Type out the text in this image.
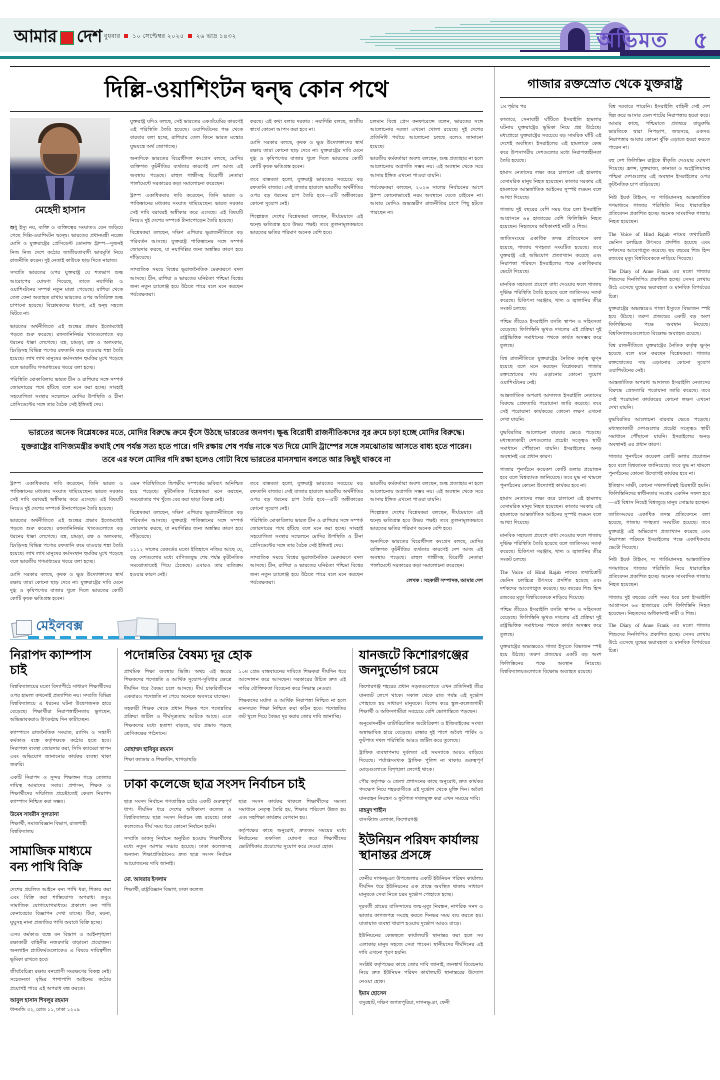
আমার দেশ বুধবার ১০ সেপ্টেম্বর ২০২৫ ২৬ ভাদ্র ১৪৩২	অভিমত ৫
দিল্লি-ওয়াশিংটন দ্বন্দ্ব কোন পথে
মেহেদী হাসান

শুধু ইস্যু নয়, ব্যক্তি ও ব্যক্তিত্বের সংঘাতও যেন জড়িয়ে গেছে দিল্লি-ওয়াশিংটন দ্বন্দ্বে। ভারতের প্রধানমন্ত্রী নরেন্দ্র মোদি ও যুক্তরাষ্ট্রের প্রেসিডেন্ট ডোনাল্ড ট্রাম্প—দুজনই নিজ নিজ দেশে কঠোর জাতীয়তাবাদী ভাবমূর্তি নিয়ে রাজনীতি করেন। দুই নেতাই কাউকে ছাড় দিতে নারাজ।

সম্প্রতি ভারতের ওপর যুক্তরাষ্ট্র যে শতভাগ শুল্ক আরোপের ঘোষণা দিয়েছে, তাতে নয়াদিল্লি ও ওয়াশিংটনের সম্পর্ক নতুন মাত্রা পেয়েছে। রাশিয়া থেকে তেল কেনা অব্যাহত রাখায় ভারতের ওপর অতিরিক্ত শুল্ক চাপানো হয়েছে। বিশ্লেষকদের ধারণা, এই দ্বন্দ্ব সহজে মিটবে না।

ভারতের অর্থনীতিতে এই শুল্কের প্রভাব ইতোমধ্যেই পড়তে শুরু করেছে। রফতানিনির্ভর খাতগুলোতে বড় ধরনের ধাক্কা লেগেছে। বস্ত্র, চামড়া, রত্ন ও অলংকার, চিংড়িসহ বিভিন্ন পণ্যের রফতানি কমে যাওয়ার শঙ্কা তৈরি হয়েছে। লাখ লাখ মানুষের কর্মসংস্থান হুমকির মুখে পড়েছে বলে ভারতীয় গণমাধ্যমের খবরে বলা হচ্ছে।

পরিস্থিতি মোকাবিলায় ভারত চীন ও রাশিয়ার সঙ্গে সম্পর্ক জোরদারের পথে হাঁটছে বলে মনে করা হচ্ছে। সাংহাই সহযোগিতা সংস্থার সম্মেলনে মোদির উপস্থিতি ও চীনা প্রেসিডেন্টের সঙ্গে তার বৈঠক সেই ইঙ্গিতই দেয়।

যুক্তরাষ্ট্র যদিও বলছে, সেই ভারতের একগুঁয়েমির কারণেই এই পরিস্থিতি তৈরি হয়েছে। ওয়াশিংটনের পক্ষ থেকে বারবার বলা হচ্ছে, রাশিয়ার তেল কিনে ভারত মস্কোর যুদ্ধযন্ত্রে অর্থ জোগাচ্ছে।

অন্যদিকে ভারতের বিরোধীদল কংগ্রেস বলছে, মোদির ব্যক্তিগত কূটনীতির ব্যর্থতার কারণেই দেশ আজ এই অবস্থায় পড়েছে। রাহুল গান্ধীসহ বিরোধী নেতারা পার্লামেন্টে সরকারের কড়া সমালোচনা করেছেন।

ট্রাম্প একাধিকবার দাবি করেছেন, তিনি ভারত ও পাকিস্তানের মধ্যকার সংঘাত থামিয়েছেন। ভারত সরকার সেই দাবি বরাবরই অস্বীকার করে এসেছে। এই বিষয়টি নিয়েও দুই দেশের সম্পর্কে টানাপোড়েন তৈরি হয়েছে।

বিশ্লেষকরা বলছেন, দক্ষিণ এশিয়ার ভূরাজনীতিতে বড় পরিবর্তন আসছে। যুক্তরাষ্ট্র পাকিস্তানের সঙ্গে সম্পর্ক জোরদার করছে, যা নয়াদিল্লির জন্য অস্বস্তির কারণ হয়ে দাঁড়িয়েছে।

সাম্প্রতিক সময়ে বিশ্বের ভূরাজনৈতিক মেরুকরণে বদল আসছে। চীন, রাশিয়া ও ভারতের ঘনিষ্ঠতা পশ্চিমা বিশ্বের জন্য নতুন চ্যালেঞ্জ হয়ে উঠতে পারে বলে মনে করছেন পর্যবেক্ষকরা।

করছে। এই কথা বলার দরকার : নয়াদিল্লি বলছে, জাতীয় স্বার্থে কোনো আপস করা হবে না।

মোদি সরকার বলছে, কৃষক ও ক্ষুদ্র উদ্যোক্তাদের স্বার্থ রক্ষায় তারা কোনো ছাড় দেবে না। যুক্তরাষ্ট্রের দাবি মেনে দুগ্ধ ও কৃষিপণ্যের বাজার খুলে দিলে ভারতের কোটি কোটি কৃষক ক্ষতিগ্রস্ত হবেন।

তবে বাস্তবতা হলো, যুক্তরাষ্ট্র ভারতের সবচেয়ে বড় রফতানি বাজার। সেই বাজার হারালে ভারতীয় অর্থনীতির ওপর বড় ধরনের চাপ তৈরি হবে—এটি অস্বীকারের কোনো সুযোগ নেই।

শিল্পোন্নত দেশের বিশ্লেষকরা বলছেন, দীর্ঘমেয়াদে এই দ্বন্দ্বে ক্ষতিগ্রস্ত হবে উভয় পক্ষই। তবে তুলনামূলকভাবে ভারতের ক্ষতির পরিমাণ অনেক বেশি হবে।

চলমান বিশ্বে প্রেস কনফারেন্সে বলেন, ভারতের সঙ্গে আলোচনার দরজা এখনো খোলা রয়েছে। দুই দেশের প্রতিনিধি পর্যায়ে আলোচনা চলছে বলেও জানানো হয়েছে।

ভারতীয় কর্মকর্তারা অবশ্য বলছেন, শুল্ক প্রত্যাহার না হলে আলোচনায় অগ্রগতি সম্ভব নয়। এই অবস্থান থেকে সরে আসার ইঙ্গিত এখনো পাওয়া যায়নি।

পর্যবেক্ষকরা বলছেন, ২০২৬ সালের নির্বাচনের আগে ট্রাম্প কোনোভাবেই নরম অবস্থানে যেতে চাইবেন না। আবার মোদিও অভ্যন্তরীণ রাজনীতির চাপে পিছু হটতে পারছেন না।

ভারতের অনেক বিশ্লেষকের মতে, মোদির বিরুদ্ধে ক্রমে ফুঁসে উঠছে ভারতের জনগণ। ক্ষুব্ধ বিরোধী রাজনীতিকদের সুর ক্রমে চড়া হচ্ছে মোদির বিরুদ্ধে। যুক্তরাষ্ট্রের বাণিজ্যমন্ত্রীর কথাই শেষ পর্যন্ত সত্য হতে পারে। গদি রক্ষায় শেষ পর্যন্ত নাকে খত দিয়ে মোদি ট্রাম্পের সঙ্গে সমঝোতায় আসতে বাধ্য হতে পারেন। তবে এর ফলে মোদির গদি রক্ষা হলেও গোটা বিশ্বে ভারতের মানসম্মান বলতে আর কিছুই থাকবে না

ট্রাম্প একাধিকবার দাবি করেছেন, তিনি ভারত ও পাকিস্তানের মধ্যকার সংঘাত থামিয়েছেন। ভারত সরকার সেই দাবি বরাবরই অস্বীকার করে এসেছে। এই বিষয়টি নিয়েও দুই দেশের সম্পর্কে টানাপোড়েন তৈরি হয়েছে।

ভারতের অর্থনীতিতে এই শুল্কের প্রভাব ইতোমধ্যেই পড়তে শুরু করেছে। রফতানিনির্ভর খাতগুলোতে বড় ধরনের ধাক্কা লেগেছে। বস্ত্র, চামড়া, রত্ন ও অলংকার, চিংড়িসহ বিভিন্ন পণ্যের রফতানি কমে যাওয়ার শঙ্কা তৈরি হয়েছে। লাখ লাখ মানুষের কর্মসংস্থান হুমকির মুখে পড়েছে বলে ভারতীয় গণমাধ্যমের খবরে বলা হচ্ছে।

মোদি সরকার বলছে, কৃষক ও ক্ষুদ্র উদ্যোক্তাদের স্বার্থ রক্ষায় তারা কোনো ছাড় দেবে না। যুক্তরাষ্ট্রের দাবি মেনে দুগ্ধ ও কৃষিপণ্যের বাজার খুলে দিলে ভারতের কোটি কোটি কৃষক ক্ষতিগ্রস্ত হবেন।

এমন পরিস্থিতিতে দ্বিপক্ষীয় সম্পর্কের ভবিষ্যৎ অনিশ্চিত হয়ে পড়েছে। কূটনৈতিক বিশ্লেষকরা মনে করছেন, সমঝোতার পথ খুঁজে বের করা ছাড়া বিকল্প নেই।

বিশ্লেষকরা বলছেন, দক্ষিণ এশিয়ার ভূরাজনীতিতে বড় পরিবর্তন আসছে। যুক্তরাষ্ট্র পাকিস্তানের সঙ্গে সম্পর্ক জোরদার করছে, যা নয়াদিল্লির জন্য অস্বস্তির কারণ হয়ে দাঁড়িয়েছে।

১১১২ সালের রেকর্ডের মতো ইতিহাসে নজির আছে যে, বড় দেশগুলোর মধ্যে বাণিজ্যযুদ্ধ শেষ পর্যন্ত কূটনৈতিক সমঝোতাতেই গিয়ে ঠেকেছে। এবারও তার ব্যতিক্রম হওয়ার কারণ নেই।

তবে বাস্তবতা হলো, যুক্তরাষ্ট্র ভারতের সবচেয়ে বড় রফতানি বাজার। সেই বাজার হারালে ভারতীয় অর্থনীতির ওপর বড় ধরনের চাপ তৈরি হবে—এটি অস্বীকারের কোনো সুযোগ নেই।

পরিস্থিতি মোকাবিলায় ভারত চীন ও রাশিয়ার সঙ্গে সম্পর্ক জোরদারের পথে হাঁটছে বলে মনে করা হচ্ছে। সাংহাই সহযোগিতা সংস্থার সম্মেলনে মোদির উপস্থিতি ও চীনা প্রেসিডেন্টের সঙ্গে তার বৈঠক সেই ইঙ্গিতই দেয়।

সাম্প্রতিক সময়ে বিশ্বের ভূরাজনৈতিক মেরুকরণে বদল আসছে। চীন, রাশিয়া ও ভারতের ঘনিষ্ঠতা পশ্চিমা বিশ্বের জন্য নতুন চ্যালেঞ্জ হয়ে উঠতে পারে বলে মনে করছেন পর্যবেক্ষকরা।

ভারতীয় কর্মকর্তারা অবশ্য বলছেন, শুল্ক প্রত্যাহার না হলে আলোচনায় অগ্রগতি সম্ভব নয়। এই অবস্থান থেকে সরে আসার ইঙ্গিত এখনো পাওয়া যায়নি।

শিল্পোন্নত দেশের বিশ্লেষকরা বলছেন, দীর্ঘমেয়াদে এই দ্বন্দ্বে ক্ষতিগ্রস্ত হবে উভয় পক্ষই। তবে তুলনামূলকভাবে ভারতের ক্ষতির পরিমাণ অনেক বেশি হবে।

অন্যদিকে ভারতের বিরোধীদল কংগ্রেস বলছে, মোদির ব্যক্তিগত কূটনীতির ব্যর্থতার কারণেই দেশ আজ এই অবস্থায় পড়েছে। রাহুল গান্ধীসহ বিরোধী নেতারা পার্লামেন্টে সরকারের কড়া সমালোচনা করেছেন।

লেখক : সহকারী সম্পাদক, আমার দেশ
মেইলবক্স
নিরাপদ ক্যাম্পাস চাই

বিশ্ববিদ্যালয়ের মতো বিদ্যাপীঠে সাধারণ শিক্ষার্থীদের ওপর হামলা কখনোই প্রত্যাশিত নয়। সম্প্রতি বিভিন্ন বিশ্ববিদ্যালয়ে এ ধরনের ঘটনা উদ্বেগজনক হারে বেড়েছে। শিক্ষার্থীরা নিরাপত্তাহীনতায় ভুগছেন, অভিভাবকরাও উৎকণ্ঠায় দিন কাটাচ্ছেন।

ক্যাম্পাসে রাজনৈতিক সংঘাত, র‍্যাগিং ও সন্ত্রাসী কর্মকাণ্ড বন্ধে কর্তৃপক্ষকে কঠোর হতে হবে। নিরাপত্তা ব্যবস্থা জোরদার করা, সিসি ক্যামেরা স্থাপন এবং অভিযোগ জানানোর কার্যকর ব্যবস্থা থাকা জরুরি।

একটি নিরাপদ ও সুন্দর শিক্ষাঙ্গন গড়ে তোলার দায়িত্ব আমাদের সবার। প্রশাসন, শিক্ষক ও শিক্ষার্থীদের সম্মিলিত প্রচেষ্টাতেই কেবল নিরাপদ ক্যাম্পাস নিশ্চিত করা সম্ভব।

উমেষ সাবরীন সুলতানা
শিক্ষার্থী, সমাজবিজ্ঞান বিভাগ, রাজশাহী বিশ্ববিদ্যালয়
সামাজিক মাধ্যমে বন্য পাখি বিক্রি

দেশের প্রচলিত আইনে বন্য পাখি ধরা, শিকার করা এবং বিক্রি করা শাস্তিযোগ্য অপরাধ। তবুও সামাজিক যোগাযোগমাধ্যমে প্রকাশ্যে বন্য পাখি কেনাবেচার বিজ্ঞাপন দেখা যাচ্ছে। টিয়া, ময়না, ঘুঘুসহ নানা প্রজাতির পাখি অবাধে বিক্রি হচ্ছে।

এসব কর্মকাণ্ড বন্ধে বন বিভাগ ও আইনশৃঙ্খলা রক্ষাকারী বাহিনীর নজরদারি বাড়ানো প্রয়োজন। অনলাইন প্ল্যাটফর্মগুলোকেও এ বিষয়ে দায়িত্বশীল ভূমিকা রাখতে হবে।

জীববৈচিত্র্য রক্ষায় বন্যপ্রাণী সংরক্ষণের বিকল্প নেই। সচেতনতা বৃদ্ধির পাশাপাশি আইনের কঠোর প্রয়োগই পারে এই অপরাধ বন্ধ করতে।

আবুল হাসান শিবলুর রহমান
ধানমন্ডি ৩২, রোড ১১, ঢাকা ১২০৯
পদোন্নতির বৈষম্য দূর হোক

প্রাথমিক শিক্ষা ব্যবস্থার ভিত্তি। অথচ এই স্তরের শিক্ষকদের পদোন্নতি ও আর্থিক সুযোগ-সুবিধার ক্ষেত্রে দীর্ঘদিন ধরে বৈষম্য চলে আসছে। দীর্ঘ চাকরিজীবনে একবারও পদোন্নতি না পেয়ে অনেকে অবসরে যাচ্ছেন।

সহকারী শিক্ষক থেকে প্রধান শিক্ষক পদে পদোন্নতির প্রক্রিয়া জটিল ও দীর্ঘসূত্রতায় আটকে আছে। এতে শিক্ষকদের মধ্যে হতাশা বাড়ছে, যার প্রভাব পড়ছে শ্রেণিকক্ষের পাঠদানে।

১০ম গ্রেড বাস্তবায়নের দাবিতে শিক্ষকরা দীর্ঘদিন ধরে আন্দোলন করে আসছেন। সরকারের উচিত দ্রুত এই দাবির যৌক্তিকতা বিবেচনা করে সিদ্ধান্ত নেওয়া।

শিক্ষকদের মর্যাদা ও আর্থিক নিরাপত্তা নিশ্চিত না হলে মানসম্মত শিক্ষা নিশ্চিত করা কঠিন হবে। পদোন্নতির জট খুলে দিয়ে বৈষম্য দূর করার জোর দাবি জানাচ্ছি।

মোহাম্মদ হাবিবুর রহমান
শিক্ষা ক্যাডার ও শিক্ষাবিদ, খাগড়াছড়ি
ঢাকা কলেজে ছাত্র সংসদ নির্বাচন চাই

ছাত্র সংসদ নির্বাচন গণতান্ত্রিক চর্চার একটি গুরুত্বপূর্ণ ধাপ। দীর্ঘদিন ধরে দেশের অধিকাংশ কলেজ ও বিশ্ববিদ্যালয়ে ছাত্র সংসদ নির্বাচন বন্ধ রয়েছে। ঢাকা কলেজেও দীর্ঘ সময় ধরে কোনো নির্বাচন হয়নি।

সম্প্রতি ডাকসু নির্বাচন অনুষ্ঠিত হওয়ায় শিক্ষার্থীদের মধ্যে নতুন আশার সঞ্চার হয়েছে। ঢাকা কলেজসহ অন্যান্য শিক্ষাপ্রতিষ্ঠানেও দ্রুত ছাত্র সংসদ নির্বাচন আয়োজনের দাবি জানাই।

ছাত্র সংসদ কার্যকর থাকলে শিক্ষার্থীদের সমস্যা সমাধানে নেতৃত্ব তৈরি হয়, শিক্ষার পরিবেশ উন্নত হয় এবং সহশিক্ষা কার্যক্রম বেগবান হয়।

কর্তৃপক্ষের কাছে অনুরোধ, দ্রুততম সময়ের মধ্যে নির্বাচনের তফসিল ঘোষণা করে শিক্ষার্থীদের ভোটাধিকার প্রয়োগের সুযোগ করে দেওয়া হোক।

মো. আবরার ইসলাম
শিক্ষার্থী, রাষ্ট্রবিজ্ঞান বিভাগ, ঢাকা কলেজ
যানজটে কিশোরগঞ্জের জনদুর্ভোগ চরমে

কিশোরগঞ্জ শহরের প্রধান সড়কগুলোতে এখন প্রতিদিনই তীব্র যানজট লেগে থাকে। সকাল থেকে রাত পর্যন্ত এই দুর্ভোগ পোহাতে হয় সাধারণ মানুষকে। বিশেষ করে স্কুল-কলেজগামী শিক্ষার্থী ও অফিসগামীরা সবচেয়ে বেশি ভোগান্তিতে পড়ছেন।

অনুমোদনহীন ব্যাটারিচালিত অটোরিকশা ও ইজিবাইকের সংখ্যা অস্বাভাবিক হারে বেড়েছে। রাস্তার দুই পাশে অবৈধ পার্কিং ও ফুটপাত দখল পরিস্থিতি আরও জটিল করে তুলেছে।

ট্রাফিক ব্যবস্থাপনায় দুর্বলতা এই সমস্যাকে আরও বাড়িয়ে দিয়েছে। পর্যাপ্তসংখ্যক ট্রাফিক পুলিশ না থাকায় গুরুত্বপূর্ণ মোড়গুলোতে বিশৃঙ্খলা লেগেই থাকে।

পৌর কর্তৃপক্ষ ও জেলা প্রশাসনের কাছে অনুরোধ, দ্রুত কার্যকর পদক্ষেপ নিয়ে শহরবাসীকে এই দুর্ভোগ থেকে মুক্তি দিন। অবৈধ যানবাহন নিয়ন্ত্রণ ও ফুটপাত দখলমুক্ত করা এখন সময়ের দাবি।

মাহমুদ শাহীন
বাসস্ট্যান্ড এলাকা, কিশোরগঞ্জ
ইউনিয়ন পরিষদ কার্যালয় স্থানান্তর প্রসঙ্গে

ফেনীর দাগনভূঞা উপজেলার একটি ইউনিয়ন পরিষদ কার্যালয় দীর্ঘদিন ধরে ইউনিয়নের এক প্রান্তে অবস্থিত থাকায় সাধারণ মানুষকে সেবা নিতে চরম দুর্ভোগ পোহাতে হচ্ছে।

দূরবর্তী গ্রামের বাসিন্দাদের জন্ম-মৃত্যু নিবন্ধন, নাগরিক সনদ ও ভাতার কাগজপত্র সংগ্রহ করতে দিনভর সময় ব্যয় করতে হয়। যাতায়াত ব্যবস্থা খারাপ হওয়ায় দুর্ভোগ আরও বাড়ে।

ইউনিয়নের কেন্দ্রস্থলে কার্যালয়টি স্থানান্তর করা হলে সব এলাকার মানুষ সহজে সেবা পাবেন। স্থানীয়দের দীর্ঘদিনের এই দাবি এখনো পূরণ হয়নি।

সংশ্লিষ্ট কর্তৃপক্ষের কাছে জোর দাবি জানাই, জনস্বার্থ বিবেচনায় নিয়ে দ্রুত ইউনিয়ন পরিষদ কার্যালয়টি স্থানান্তরের উদ্যোগ নেওয়া হোক।

ইমাম হোসেন
বসুরহাট, দক্ষিণ জগতপুরিয়া, দাগনভূঞা, ফেনী
গাজার রক্তস্রোত থেকে যুক্তরাষ্ট্র

১ম পৃষ্ঠার পর

কাতারে, সেনাবাহী ঘাঁটিতে ইসরাইলি হামলার ঘটনায় যুক্তরাষ্ট্রের ভূমিকা নিয়ে প্রশ্ন উঠেছে। মধ্যপ্রাচ্যে যুক্তরাষ্ট্রের সবচেয়ে বড় সামরিক ঘাঁটি এই দেশেই অবস্থিত। ইসরাইলের এই হামলাকে কেন্দ্র করে উপসাগরীয় দেশগুলোর মধ্যে নিরাপত্তাহীনতা তৈরি হয়েছে।

হামাস নেতাদের লক্ষ্য করে চালানো এই হামলায় বেসামরিক মানুষ নিহত হয়েছেন। কাতার সরকার এই হামলাকে আন্তর্জাতিক আইনের সুস্পষ্ট লঙ্ঘন বলে আখ্যা দিয়েছে।

গাজায় দুই বছরের বেশি সময় ধরে চলা ইসরাইলি আগ্রাসনে ৬৪ হাজারের বেশি ফিলিস্তিনি নিহত হয়েছেন। নিহতদের অধিকাংশই নারী ও শিশু।

জাতিসংঘের একাধিক তদন্ত প্রতিবেদনে বলা হয়েছে, গাজায় গণহত্যা সংঘটিত হয়েছে। তবে যুক্তরাষ্ট্র এই অভিযোগ প্রত্যাখ্যান করেছে এবং নিরাপত্তা পরিষদে ইসরাইলের পক্ষে একাধিকবার ভেটো দিয়েছে।

মানবিক সহায়তা প্রবেশে বাধা দেওয়ার ফলে গাজায় দুর্ভিক্ষ পরিস্থিতি তৈরি হয়েছে বলে জাতিসংঘ সতর্ক করেছে। চিকিৎসা সরঞ্জাম, খাদ্য ও জ্বালানির তীব্র সংকট চলছে।

পশ্চিম তীরেও ইসরাইলি বসতি স্থাপন ও সহিংসতা বেড়েছে। ফিলিস্তিনি ভূখণ্ড দখলের এই প্রক্রিয়া দুই রাষ্ট্রভিত্তিক সমাধানের পথকে কার্যত অসম্ভব করে তুলছে।

বিশ্ব রাজনীতিতে যুক্তরাষ্ট্রের নৈতিক কর্তৃত্ব ক্ষুণ্ন হয়েছে বলে মনে করছেন বিশ্লেষকরা। গাজার রক্তস্রোতের দায় এড়ানোর কোনো সুযোগ ওয়াশিংটনের নেই।

আন্তর্জাতিক অপরাধ আদালত ইসরাইলি নেতাদের বিরুদ্ধে গ্রেফতারি পরোয়ানা জারি করেছে। তবে সেই পরোয়ানা কার্যকরের কোনো লক্ষণ এখনো দেখা যায়নি।

যুদ্ধবিরতির আলোচনা বারবার ভেঙে পড়েছে। মধ্যস্থতাকারী দেশগুলোর প্রচেষ্টা সত্ত্বেও স্থায়ী সমাধানে পৌঁছানো যায়নি। ইসরাইলের অনড় অবস্থানই এর প্রধান কারণ।

গাজার পুনর্গঠনে কয়েকশ কোটি ডলার প্রয়োজন হবে বলে বিশ্বব্যাংক জানিয়েছে। তবে যুদ্ধ না থামলে পুনর্গঠনের কোনো উদ্যোগই কার্যকর হবে না।

হামাস নেতাদের লক্ষ্য করে চালানো এই হামলায় বেসামরিক মানুষ নিহত হয়েছেন। কাতার সরকার এই হামলাকে আন্তর্জাতিক আইনের সুস্পষ্ট লঙ্ঘন বলে আখ্যা দিয়েছে।

মানবিক সহায়তা প্রবেশে বাধা দেওয়ার ফলে গাজায় দুর্ভিক্ষ পরিস্থিতি তৈরি হয়েছে বলে জাতিসংঘ সতর্ক করেছে। চিকিৎসা সরঞ্জাম, খাদ্য ও জ্বালানির তীব্র সংকট চলছে।

The Voice of Hind Rajab নামের তথ্যচিত্রটি ভেনিস চলচ্চিত্র উৎসবে প্রদর্শিত হয়েছে এবং দর্শকদের আবেগাপ্লুত করেছে। ছয় বছরের শিশু হিন্দ রজবের মৃত্যু বিশ্ববিবেককে নাড়িয়ে দিয়েছে।

পশ্চিম তীরেও ইসরাইলি বসতি স্থাপন ও সহিংসতা বেড়েছে। ফিলিস্তিনি ভূখণ্ড দখলের এই প্রক্রিয়া দুই রাষ্ট্রভিত্তিক সমাধানের পথকে কার্যত অসম্ভব করে তুলছে।

যুক্তরাষ্ট্রের অভ্যন্তরেও গাজা ইস্যুতে বিভাজন স্পষ্ট হয়ে উঠছে। তরুণ প্রজন্মের একটি বড় অংশ ফিলিস্তিনের পক্ষে অবস্থান নিয়েছে। বিশ্ববিদ্যালয়গুলোতে বিক্ষোভ অব্যাহত রয়েছে।

বিশ্ব দরবারে পারেনি। ইসরাইলি বাহিনী সেই দেশ ছিন্ন করে আসার ডেল শাটের নিরাপত্তার হয়রা করে। আমার কাছে, পশ্চিমাতে প্রতম্বরে বাড়ুরুদ্ধি ভারতিকে দ্বারা নিপড়াপ, জন্মসরে, একসঙ নিরাপত্তার আবার কোনো ঝুঁকি এড়াতে হয়রা করতে পারেন না।

বহু দেশ ফিলিস্তিন রাষ্ট্রকে স্বীকৃতি দেওয়ার ঘোষণা দিয়েছে। ফ্রান্স, যুক্তরাজ্য, কানাডা ও অস্ট্রেলিয়াসহ পশ্চিমা দেশগুলোর এই অবস্থান ইসরাইলের ওপর কূটনৈতিক চাপ বাড়িয়েছে।

নিউ ইয়র্ক টাইমস, দ্য গার্ডিয়ানসহ আন্তর্জাতিক গণমাধ্যমে গাজার পরিস্থিতি নিয়ে ধারাবাহিক প্রতিবেদন প্রকাশিত হচ্ছে। অনেক সাংবাদিক গাজায় নিহত হয়েছেন।

The Voice of Hind Rajab নামের তথ্যচিত্রটি ভেনিস চলচ্চিত্র উৎসবে প্রদর্শিত হয়েছে এবং দর্শকদের আবেগাপ্লুত করেছে। ছয় বছরের শিশু হিন্দ রজবের মৃত্যু বিশ্ববিবেককে নাড়িয়ে দিয়েছে।

The Diary of Anne Frank এর মতো গাজার শিশুদের দিনলিপিও প্রকাশিত হচ্ছে। সেসব লেখায় উঠে এসেছে যুদ্ধের ভয়াবহতা ও মানবিক বিপর্যয়ের চিত্র।

যুক্তরাষ্ট্রের অভ্যন্তরেও গাজা ইস্যুতে বিভাজন স্পষ্ট হয়ে উঠছে। তরুণ প্রজন্মের একটি বড় অংশ ফিলিস্তিনের পক্ষে অবস্থান নিয়েছে। বিশ্ববিদ্যালয়গুলোতে বিক্ষোভ অব্যাহত রয়েছে।

বিশ্ব রাজনীতিতে যুক্তরাষ্ট্রের নৈতিক কর্তৃত্ব ক্ষুণ্ন হয়েছে বলে মনে করছেন বিশ্লেষকরা। গাজার রক্তস্রোতের দায় এড়ানোর কোনো সুযোগ ওয়াশিংটনের নেই।

আন্তর্জাতিক অপরাধ আদালত ইসরাইলি নেতাদের বিরুদ্ধে গ্রেফতারি পরোয়ানা জারি করেছে। তবে সেই পরোয়ানা কার্যকরের কোনো লক্ষণ এখনো দেখা যায়নি।

যুদ্ধবিরতির আলোচনা বারবার ভেঙে পড়েছে। মধ্যস্থতাকারী দেশগুলোর প্রচেষ্টা সত্ত্বেও স্থায়ী সমাধানে পৌঁছানো যায়নি। ইসরাইলের অনড় অবস্থানই এর প্রধান কারণ।

গাজার পুনর্গঠনে কয়েকশ কোটি ডলার প্রয়োজন হবে বলে বিশ্বব্যাংক জানিয়েছে। তবে যুদ্ধ না থামলে পুনর্গঠনের কোনো উদ্যোগই কার্যকর হবে না।

ইতিহাস সাক্ষী, কোনো দখলদারিত্বই চিরস্থায়ী হয়নি। ফিলিস্তিনিদের স্বাধীনতার সংগ্রাম একদিন সফল হবে—এই বিশ্বাস নিয়েই বিশ্বজুড়ে মানুষ সোচ্চার হচ্ছেন।

জাতিসংঘের একাধিক তদন্ত প্রতিবেদনে বলা হয়েছে, গাজায় গণহত্যা সংঘটিত হয়েছে। তবে যুক্তরাষ্ট্র এই অভিযোগ প্রত্যাখ্যান করেছে এবং নিরাপত্তা পরিষদে ইসরাইলের পক্ষে একাধিকবার ভেটো দিয়েছে।

নিউ ইয়র্ক টাইমস, দ্য গার্ডিয়ানসহ আন্তর্জাতিক গণমাধ্যমে গাজার পরিস্থিতি নিয়ে ধারাবাহিক প্রতিবেদন প্রকাশিত হচ্ছে। অনেক সাংবাদিক গাজায় নিহত হয়েছেন।

গাজায় দুই বছরের বেশি সময় ধরে চলা ইসরাইলি আগ্রাসনে ৬৪ হাজারের বেশি ফিলিস্তিনি নিহত হয়েছেন। নিহতদের অধিকাংশই নারী ও শিশু।

The Diary of Anne Frank এর মতো গাজার শিশুদের দিনলিপিও প্রকাশিত হচ্ছে। সেসব লেখায় উঠে এসেছে যুদ্ধের ভয়াবহতা ও মানবিক বিপর্যয়ের চিত্র।
